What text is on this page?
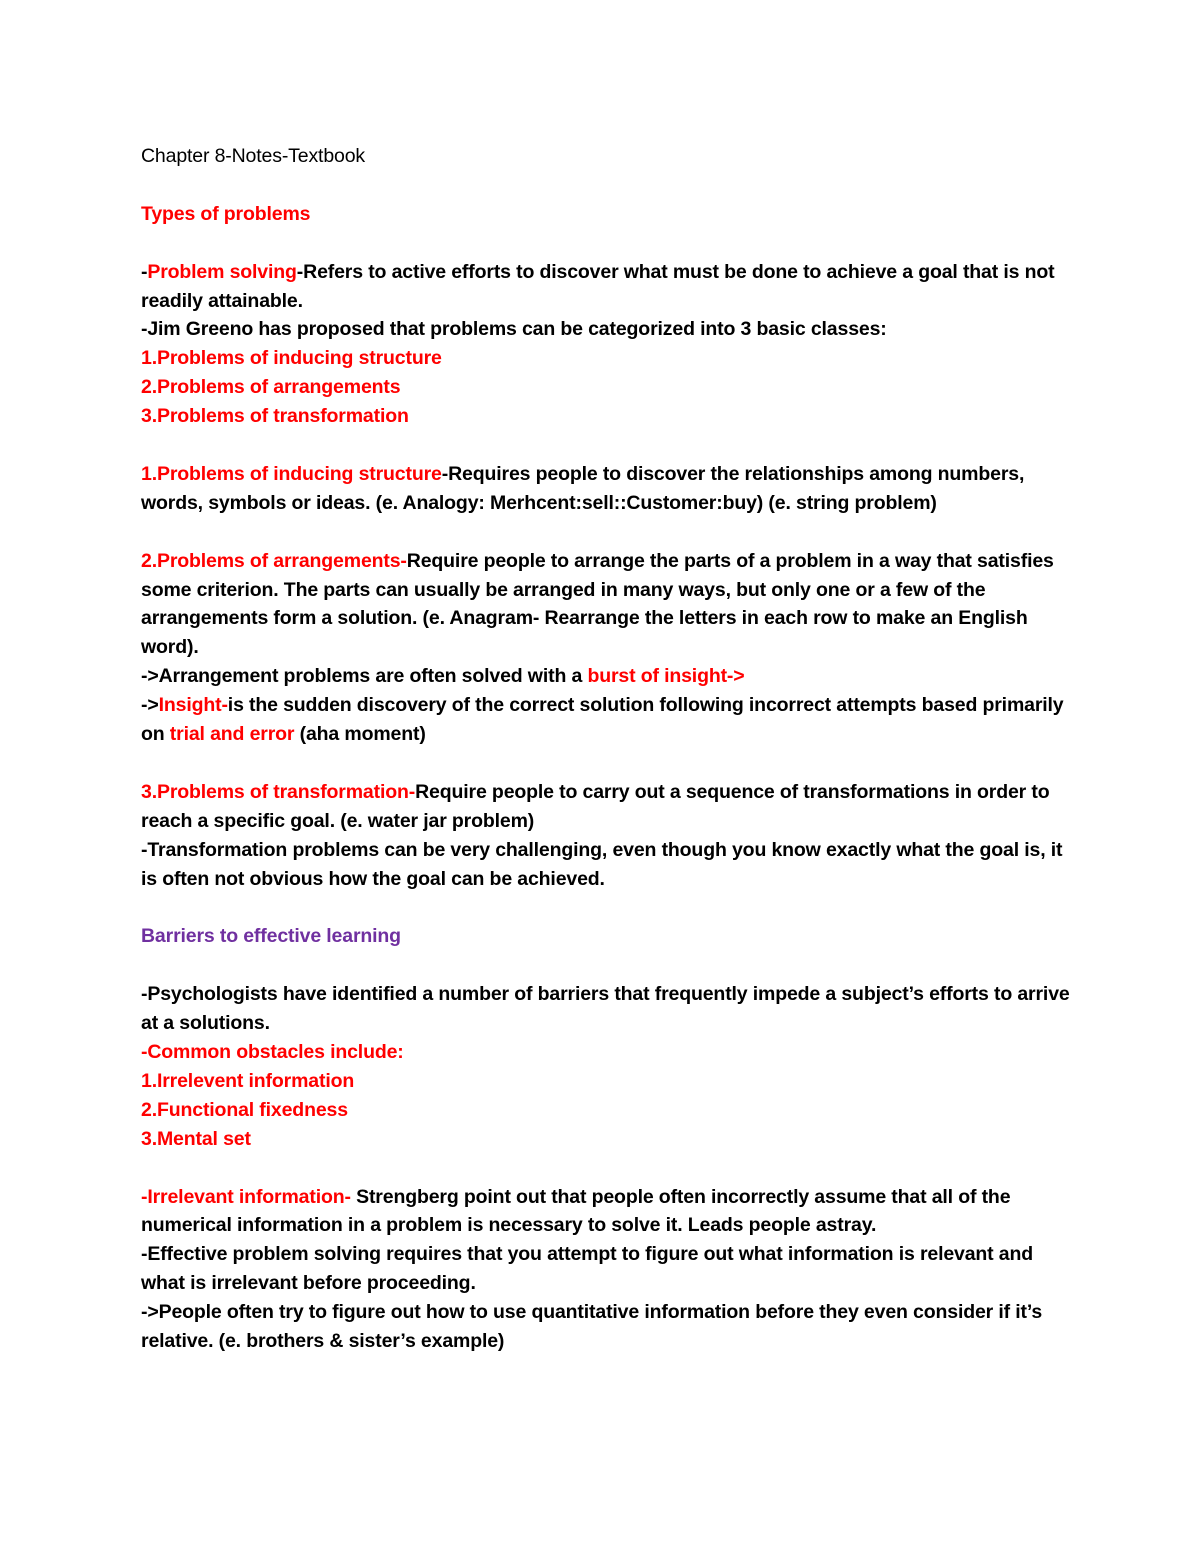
Chapter 8-Notes-Textbook

Types of problems

-Problem solving-Refers to active efforts to discover what must be done to achieve a goal that is not readily attainable.

-Jim Greeno has proposed that problems can be categorized into 3 basic classes:

1.Problems of inducing structure

2.Problems of arrangements

3.Problems of transformation

1.Problems of inducing structure-Requires people to discover the relationships among numbers, words, symbols or ideas. (e. Analogy: Merhcent:sell::Customer:buy) (e. string problem)

2.Problems of arrangements-Require people to arrange the parts of a problem in a way that satisfies some criterion. The parts can usually be arranged in many ways, but only one or a few of the arrangements form a solution. (e. Anagram- Rearrange the letters in each row to make an English word).

->Arrangement problems are often solved with a burst of insight->

->Insight-is the sudden discovery of the correct solution following incorrect attempts based primarily on trial and error (aha moment)

3.Problems of transformation-Require people to carry out a sequence of transformations in order to reach a specific goal. (e. water jar problem)

-Transformation problems can be very challenging, even though you know exactly what the goal is, it is often not obvious how the goal can be achieved.

Barriers to effective learning

-Psychologists have identified a number of barriers that frequently impede a subject’s efforts to arrive at a solutions.

-Common obstacles include:

1.Irrelevent information

2.Functional fixedness

3.Mental set

-Irrelevant information- Strengberg point out that people often incorrectly assume that all of the numerical information in a problem is necessary to solve it. Leads people astray.

-Effective problem solving requires that you attempt to figure out what information is relevant and what is irrelevant before proceeding.

->People often try to figure out how to use quantitative information before they even consider if it’s relative. (e. brothers & sister’s example)
